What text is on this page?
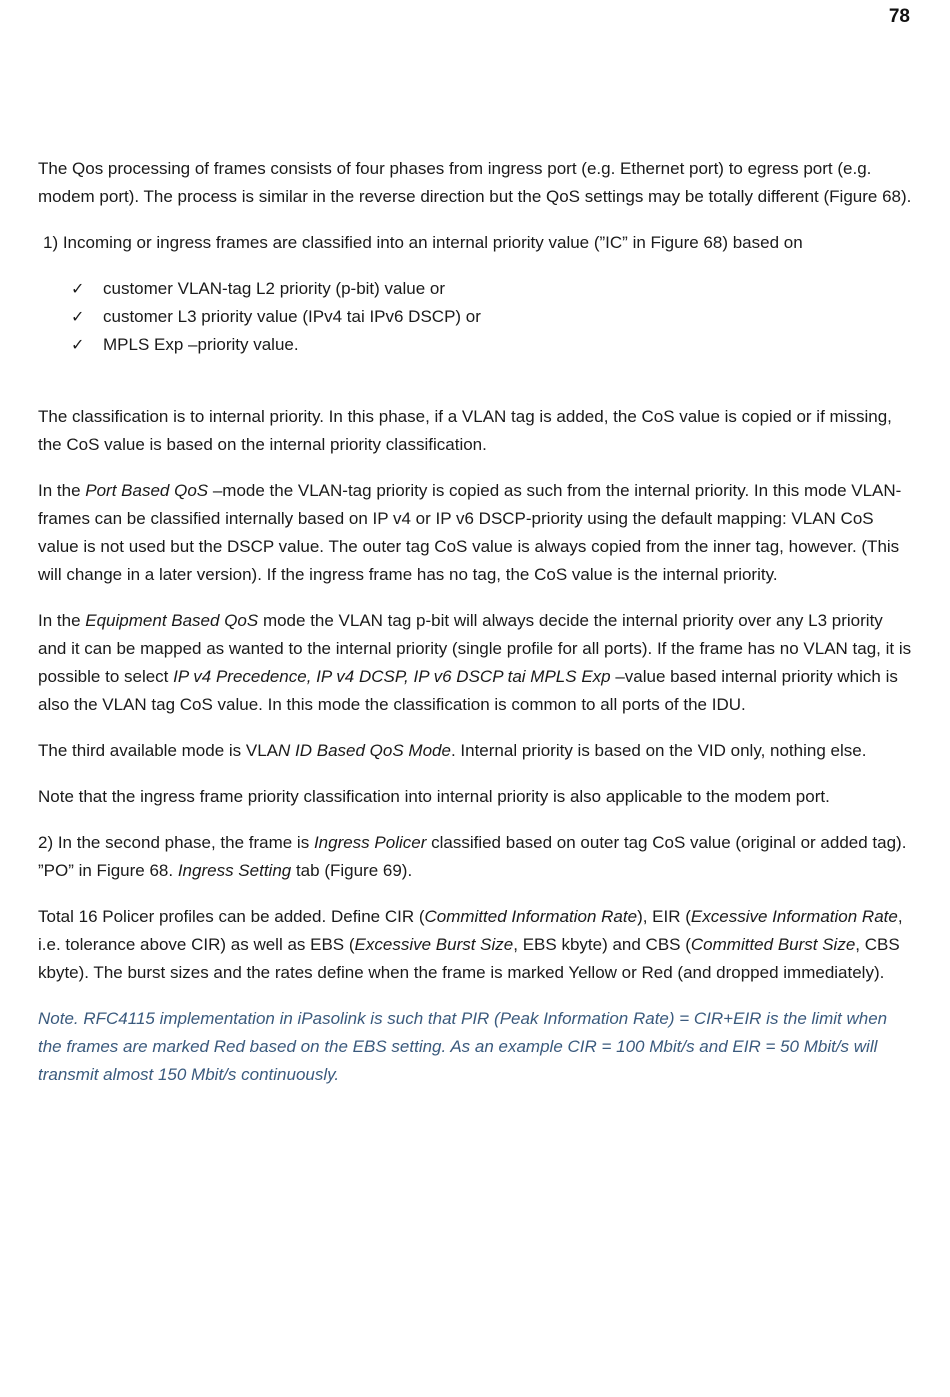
78

The Qos processing of frames consists of four phases from ingress port (e.g. Ethernet port) to egress port (e.g. modem port). The process is similar in the reverse direction but the QoS settings may be totally different (Figure 68).

1) Incoming or ingress frames are classified into an internal priority value (”IC” in Figure 68) based on

✓ customer VLAN-tag L2 priority (p-bit) value or
✓ customer L3 priority value (IPv4 tai IPv6 DSCP) or
✓ MPLS Exp –priority value.

The classification is to internal priority. In this phase, if a VLAN tag is added, the CoS value is copied or if missing, the CoS value is based on the internal priority classification.

In the Port Based QoS –mode the VLAN-tag priority is copied as such from the internal priority. In this mode VLAN-frames can be classified internally based on IP v4 or IP v6 DSCP-priority using the default mapping: VLAN CoS value is not used but the DSCP value. The outer tag CoS value is always copied from the inner tag, however. (This will change in a later version). If the ingress frame has no tag, the CoS value is the internal priority.

In the Equipment Based QoS mode the VLAN tag p-bit will always decide the internal priority over any L3 priority and it can be mapped as wanted to the internal priority (single profile for all ports). If the frame has no VLAN tag, it is possible to select IP v4 Precedence, IP v4 DCSP, IP v6 DSCP tai MPLS Exp –value based internal priority which is also the VLAN tag CoS value. In this mode the classification is common to all ports of the IDU.

The third available mode is VLAN ID Based QoS Mode. Internal priority is based on the VID only, nothing else.

Note that the ingress frame priority classification into internal priority is also applicable to the modem port.

2) In the second phase, the frame is Ingress Policer classified based on outer tag CoS value (original or added tag). ”PO” in Figure 68. Ingress Setting tab (Figure 69).

Total 16 Policer profiles can be added. Define CIR (Committed Information Rate), EIR (Excessive Information Rate, i.e. tolerance above CIR) as well as EBS (Excessive Burst Size, EBS kbyte) and CBS (Committed Burst Size, CBS kbyte). The burst sizes and the rates define when the frame is marked Yellow or Red (and dropped immediately).

Note. RFC4115 implementation in iPasolink is such that PIR (Peak Information Rate) = CIR+EIR is the limit when the frames are marked Red based on the EBS setting. As an example CIR = 100 Mbit/s and EIR = 50 Mbit/s will transmit almost 150 Mbit/s continuously.
